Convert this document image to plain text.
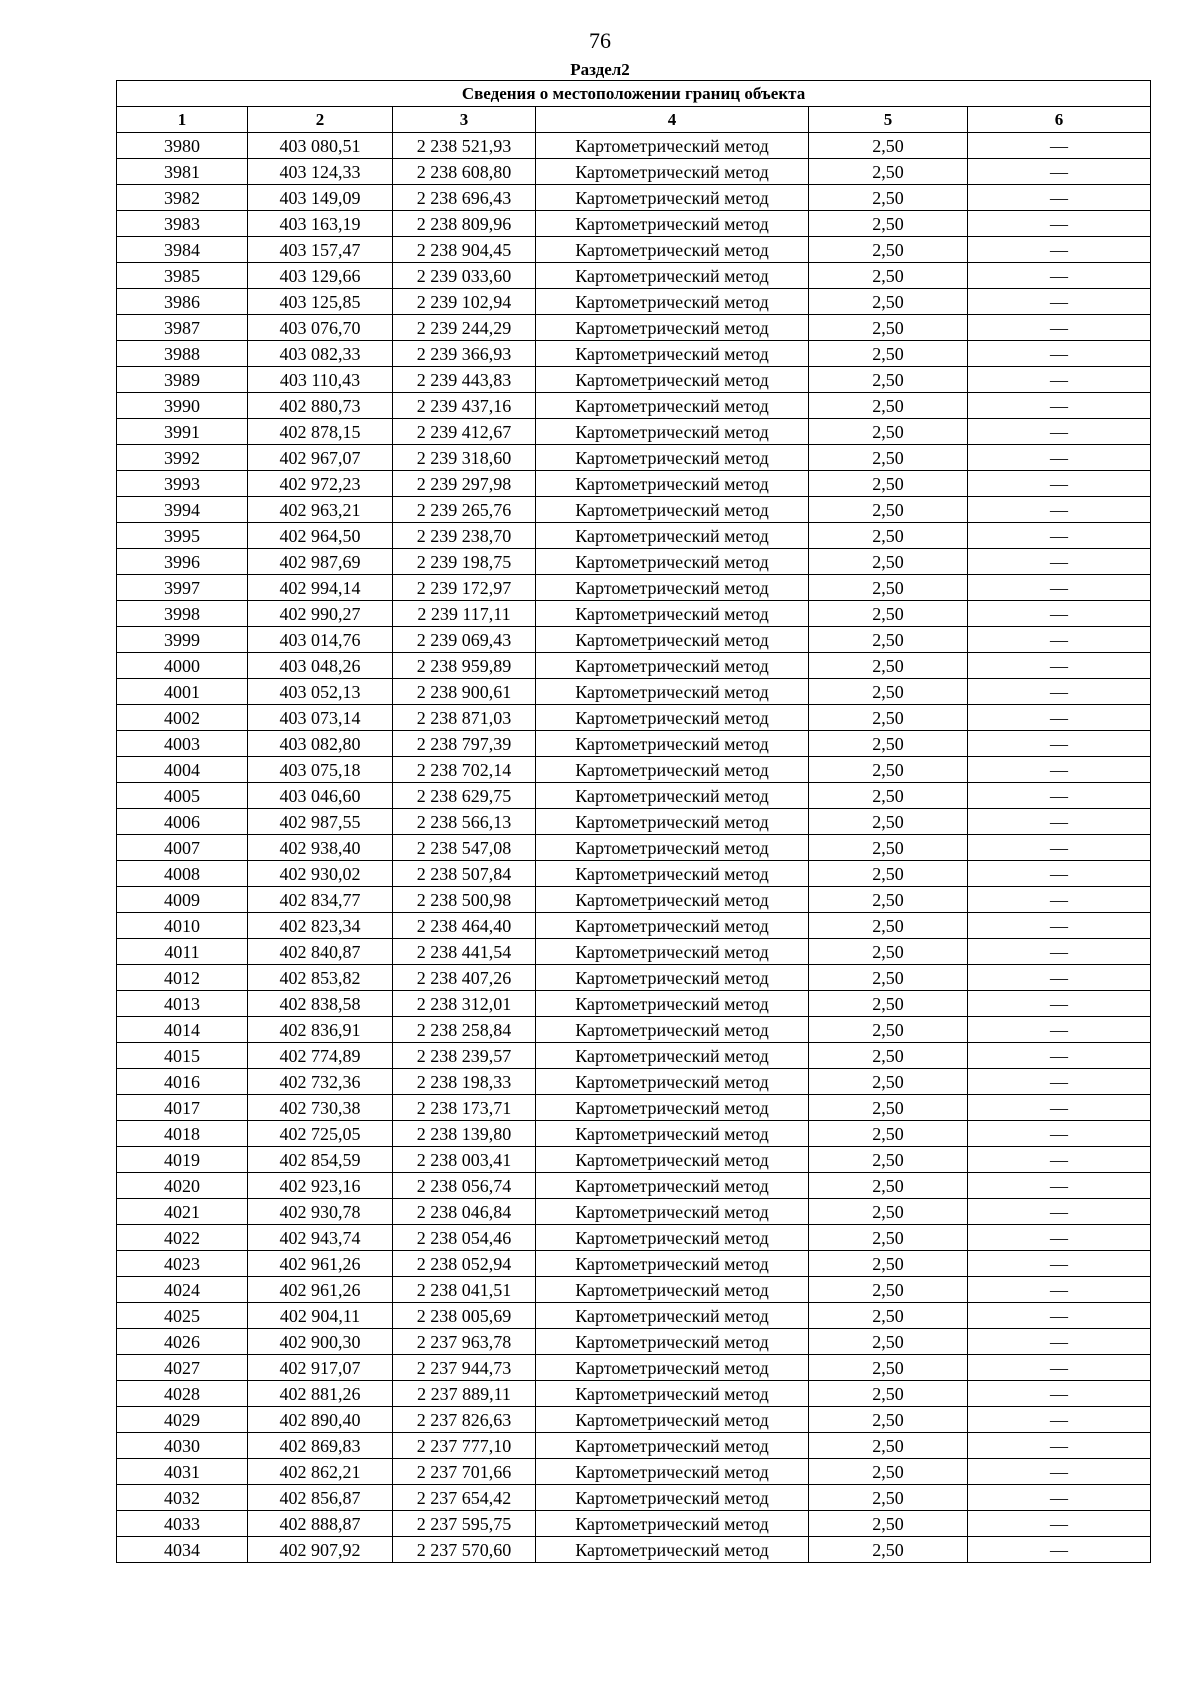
76
Раздел2
Сведения о местоположении границ объекта					
1	2	3	4	5	6
3980	403 080,51	2 238 521,93	Картометрический метод	2,50	—
3981	403 124,33	2 238 608,80	Картометрический метод	2,50	—
3982	403 149,09	2 238 696,43	Картометрический метод	2,50	—
3983	403 163,19	2 238 809,96	Картометрический метод	2,50	—
3984	403 157,47	2 238 904,45	Картометрический метод	2,50	—
3985	403 129,66	2 239 033,60	Картометрический метод	2,50	—
3986	403 125,85	2 239 102,94	Картометрический метод	2,50	—
3987	403 076,70	2 239 244,29	Картометрический метод	2,50	—
3988	403 082,33	2 239 366,93	Картометрический метод	2,50	—
3989	403 110,43	2 239 443,83	Картометрический метод	2,50	—
3990	402 880,73	2 239 437,16	Картометрический метод	2,50	—
3991	402 878,15	2 239 412,67	Картометрический метод	2,50	—
3992	402 967,07	2 239 318,60	Картометрический метод	2,50	—
3993	402 972,23	2 239 297,98	Картометрический метод	2,50	—
3994	402 963,21	2 239 265,76	Картометрический метод	2,50	—
3995	402 964,50	2 239 238,70	Картометрический метод	2,50	—
3996	402 987,69	2 239 198,75	Картометрический метод	2,50	—
3997	402 994,14	2 239 172,97	Картометрический метод	2,50	—
3998	402 990,27	2 239 117,11	Картометрический метод	2,50	—
3999	403 014,76	2 239 069,43	Картометрический метод	2,50	—
4000	403 048,26	2 238 959,89	Картометрический метод	2,50	—
4001	403 052,13	2 238 900,61	Картометрический метод	2,50	—
4002	403 073,14	2 238 871,03	Картометрический метод	2,50	—
4003	403 082,80	2 238 797,39	Картометрический метод	2,50	—
4004	403 075,18	2 238 702,14	Картометрический метод	2,50	—
4005	403 046,60	2 238 629,75	Картометрический метод	2,50	—
4006	402 987,55	2 238 566,13	Картометрический метод	2,50	—
4007	402 938,40	2 238 547,08	Картометрический метод	2,50	—
4008	402 930,02	2 238 507,84	Картометрический метод	2,50	—
4009	402 834,77	2 238 500,98	Картометрический метод	2,50	—
4010	402 823,34	2 238 464,40	Картометрический метод	2,50	—
4011	402 840,87	2 238 441,54	Картометрический метод	2,50	—
4012	402 853,82	2 238 407,26	Картометрический метод	2,50	—
4013	402 838,58	2 238 312,01	Картометрический метод	2,50	—
4014	402 836,91	2 238 258,84	Картометрический метод	2,50	—
4015	402 774,89	2 238 239,57	Картометрический метод	2,50	—
4016	402 732,36	2 238 198,33	Картометрический метод	2,50	—
4017	402 730,38	2 238 173,71	Картометрический метод	2,50	—
4018	402 725,05	2 238 139,80	Картометрический метод	2,50	—
4019	402 854,59	2 238 003,41	Картометрический метод	2,50	—
4020	402 923,16	2 238 056,74	Картометрический метод	2,50	—
4021	402 930,78	2 238 046,84	Картометрический метод	2,50	—
4022	402 943,74	2 238 054,46	Картометрический метод	2,50	—
4023	402 961,26	2 238 052,94	Картометрический метод	2,50	—
4024	402 961,26	2 238 041,51	Картометрический метод	2,50	—
4025	402 904,11	2 238 005,69	Картометрический метод	2,50	—
4026	402 900,30	2 237 963,78	Картометрический метод	2,50	—
4027	402 917,07	2 237 944,73	Картометрический метод	2,50	—
4028	402 881,26	2 237 889,11	Картометрический метод	2,50	—
4029	402 890,40	2 237 826,63	Картометрический метод	2,50	—
4030	402 869,83	2 237 777,10	Картометрический метод	2,50	—
4031	402 862,21	2 237 701,66	Картометрический метод	2,50	—
4032	402 856,87	2 237 654,42	Картометрический метод	2,50	—
4033	402 888,87	2 237 595,75	Картометрический метод	2,50	—
4034	402 907,92	2 237 570,60	Картометрический метод	2,50	—
